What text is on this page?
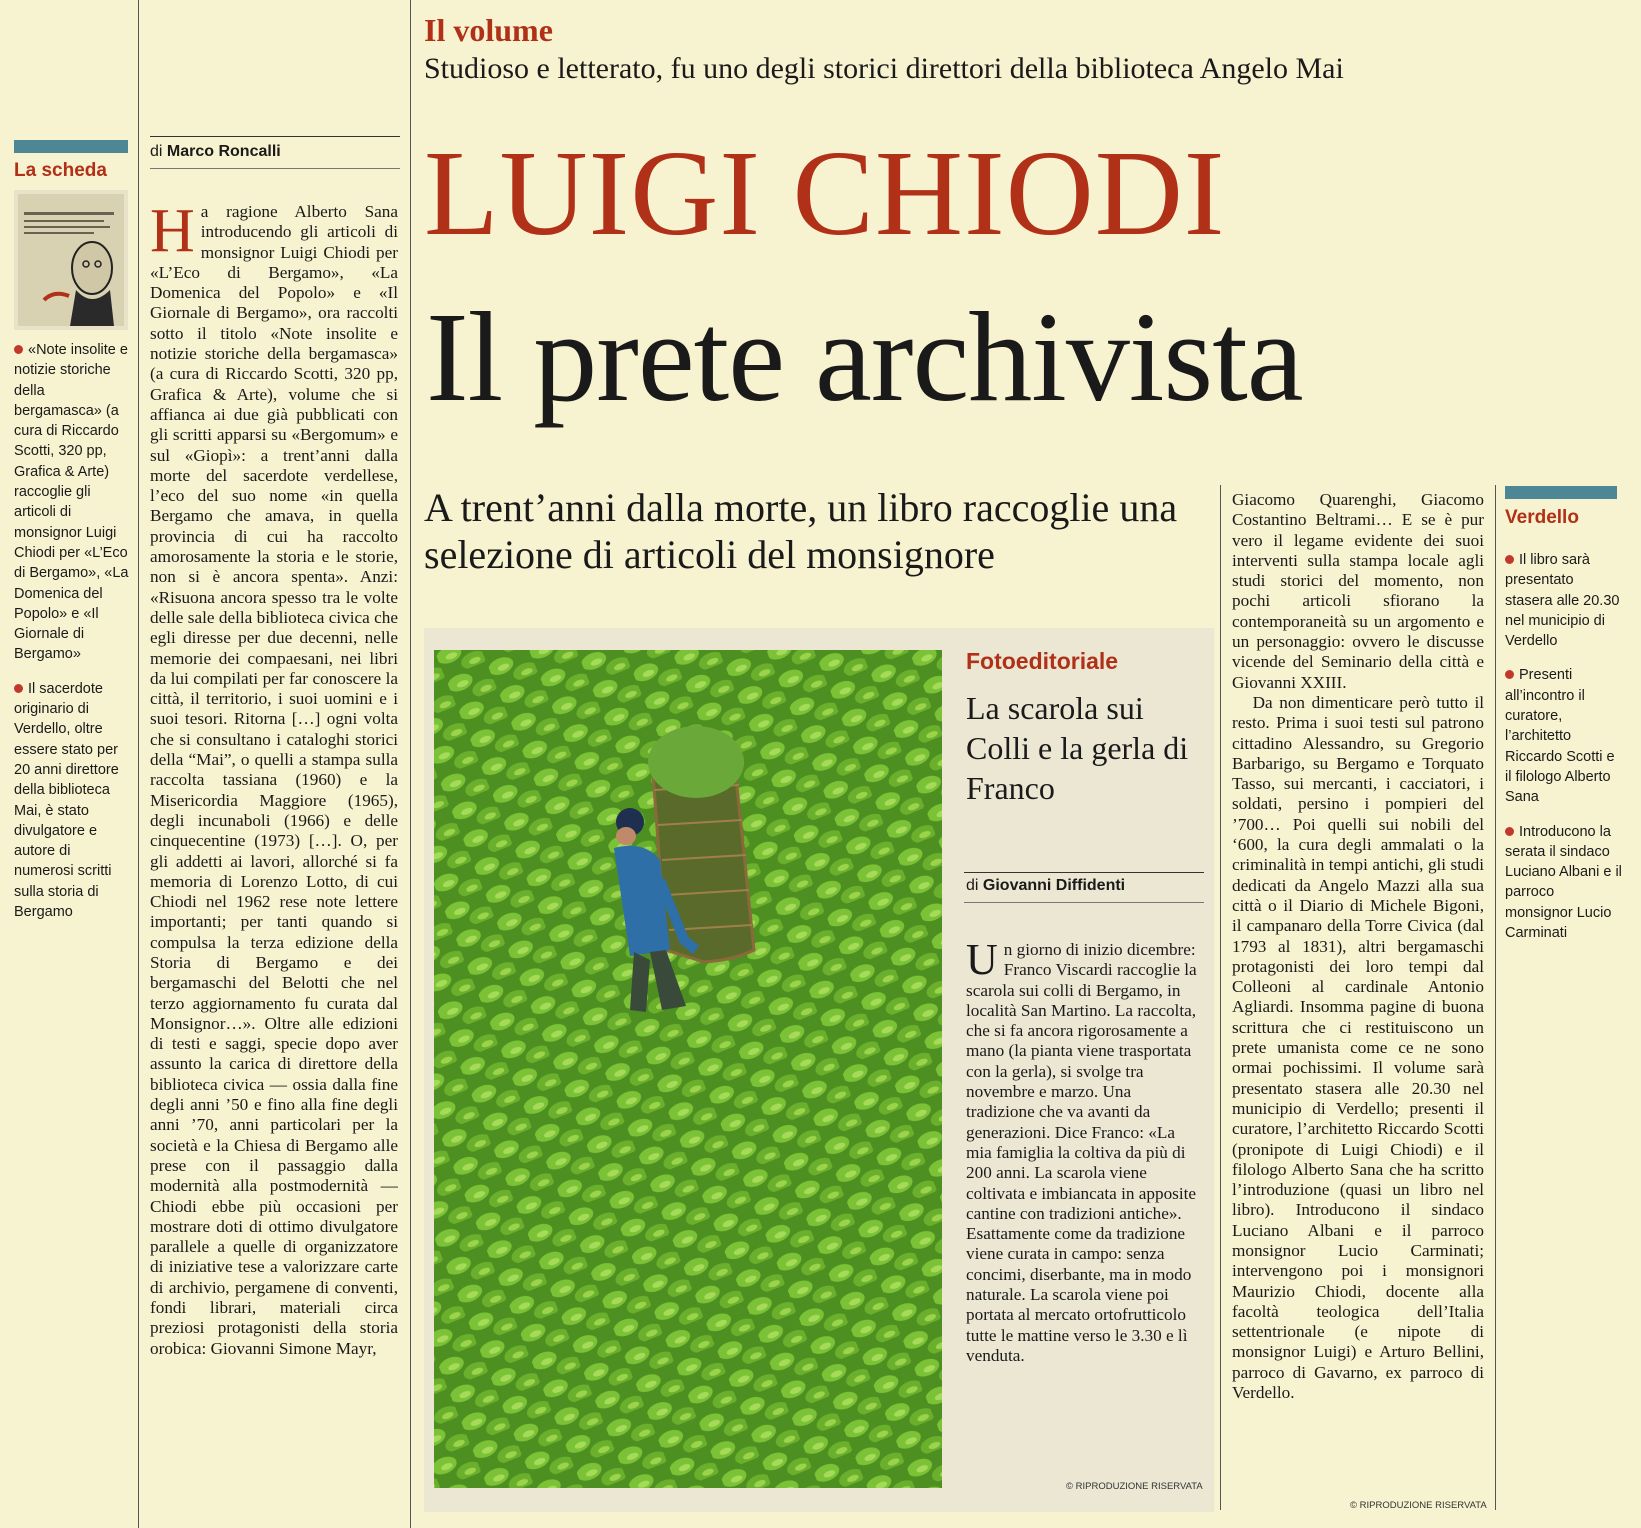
La scheda
«Note insolite e notizie storiche della bergamasca» (a cura di Riccardo Scotti, 320 pp, Grafica & Arte) raccoglie gli articoli di monsignor Luigi Chiodi per «L’Eco di Bergamo», «La Domenica del Popolo» e «Il Giornale di Bergamo»
Il sacerdote originario di Verdello, oltre essere stato per 20 anni direttore della biblioteca Mai, è stato divulgatore e autore di numerosi scritti sulla storia di Bergamo
di Marco Roncalli
Ha ragione Alberto Sana introducendo gli articoli di monsignor Luigi Chiodi per «L’Eco di Bergamo», «La Domenica del Popolo» e «Il Giornale di Bergamo», ora raccolti sotto il titolo «Note insolite e notizie storiche della bergamasca» (a cura di Riccardo Scotti, 320 pp, Grafica & Arte), volume che si affianca ai due già pubblicati con gli scritti apparsi su «Bergomum» e sul «Giopì»: a trent’anni dalla morte del sacerdote verdellese, l’eco del suo nome «in quella Bergamo che amava, in quella provincia di cui ha raccolto amorosamente la storia e le storie, non si è ancora spenta». Anzi: «Risuona ancora spesso tra le volte delle sale della biblioteca civica che egli diresse per due decenni, nelle memorie dei compaesani, nei libri da lui compilati per far conoscere la città, il territorio, i suoi uomini e i suoi tesori. Ritorna […] ogni volta che si consultano i cataloghi storici della “Mai”, o quelli a stampa sulla raccolta tassiana (1960) e la Misericordia Maggiore (1965), degli incunaboli (1966) e delle cinquecentine (1973) […]. O, per gli addetti ai lavori, allorché si fa memoria di Lorenzo Lotto, di cui Chiodi nel 1962 rese note lettere importanti; per tanti quando si compulsa la terza edizione della Storia di Bergamo e dei bergamaschi del Belotti che nel terzo aggiornamento fu curata dal Monsignor…». Oltre alle edizioni di testi e saggi, specie dopo aver assunto la carica di direttore della biblioteca civica — ossia dalla fine degli anni ’50 e fino alla fine degli anni ’70, anni particolari per la società e la Chiesa di Bergamo alle prese con il passaggio dalla modernità alla postmodernità — Chiodi ebbe più occasioni per mostrare doti di ottimo divulgatore parallele a quelle di organizzatore di iniziative tese a valorizzare carte di archivio, pergamene di conventi, fondi librari, materiali circa preziosi protagonisti della storia orobica: Giovanni Simone Mayr,
Il volume
Studioso e letterato, fu uno degli storici direttori della biblioteca Angelo Mai
LUIGI CHIODI
Il prete archivista
A trent’anni dalla morte, un libro raccoglie una selezione di articoli del monsignore
Fotoeditoriale
La scarola sui Colli e la gerla di Franco
di Giovanni Diffidenti
Un giorno di inizio dicembre: Franco Viscardi raccoglie la scarola sui colli di Bergamo, in località San Martino. La raccolta, che si fa ancora rigorosamente a mano (la pianta viene trasportata con la gerla), si svolge tra novembre e marzo. Una tradizione che va avanti da generazioni. Dice Franco: «La mia famiglia la coltiva da più di 200 anni. La scarola viene coltivata e imbiancata in apposite cantine con tradizioni antiche». Esattamente come da tradizione viene curata in campo: senza concimi, diserbante, ma in modo naturale. La scarola viene poi portata al mercato ortofrutticolo tutte le mattine verso le 3.30 e lì venduta.
© RIPRODUZIONE RISERVATA

Giacomo Quarenghi, Giacomo Costantino Beltrami… E se è pur vero il legame evidente dei suoi interventi sulla stampa locale agli studi storici del momento, non pochi articoli sfiorano la contemporaneità su un argomento e un personaggio: ovvero le discusse vicende del Seminario della città e Giovanni XXIII.

Da non dimenticare però tutto il resto. Prima i suoi testi sul patrono cittadino Alessandro, su Gregorio Barbarigo, su Bergamo e Torquato Tasso, sui mercanti, i cacciatori, i soldati, persino i pompieri del ’700… Poi quelli sui nobili del ‘600, la cura degli ammalati o la criminalità in tempi antichi, gli studi dedicati da Angelo Mazzi alla sua città o il Diario di Michele Bigoni, il campanaro della Torre Civica (dal 1793 al 1831), altri bergamaschi protagonisti dei loro tempi dal Colleoni al cardinale Antonio Agliardi. Insomma pagine di buona scrittura che ci restituiscono un prete umanista come ce ne sono ormai pochissimi. Il volume sarà presentato stasera alle 20.30 nel municipio di Verdello; presenti il curatore, l’architetto Riccardo Scotti (pronipote di Luigi Chiodi) e il filologo Alberto Sana che ha scritto l’introduzione (quasi un libro nel libro). Introducono il sindaco Luciano Albani e il parroco monsignor Lucio Carminati; intervengono poi i monsignori Maurizio Chiodi, docente alla facoltà teologica dell’Italia settentrionale (e nipote di monsignor Luigi) e Arturo Bellini, parroco di Gavarno, ex parroco di Verdello.

© RIPRODUZIONE RISERVATA
Verdello
Il libro sarà presentato stasera alle 20.30 nel municipio di Verdello
Presenti all’incontro il curatore, l’architetto Riccardo Scotti e il filologo Alberto Sana
Introducono la serata il sindaco Luciano Albani e il parroco monsignor Lucio Carminati
